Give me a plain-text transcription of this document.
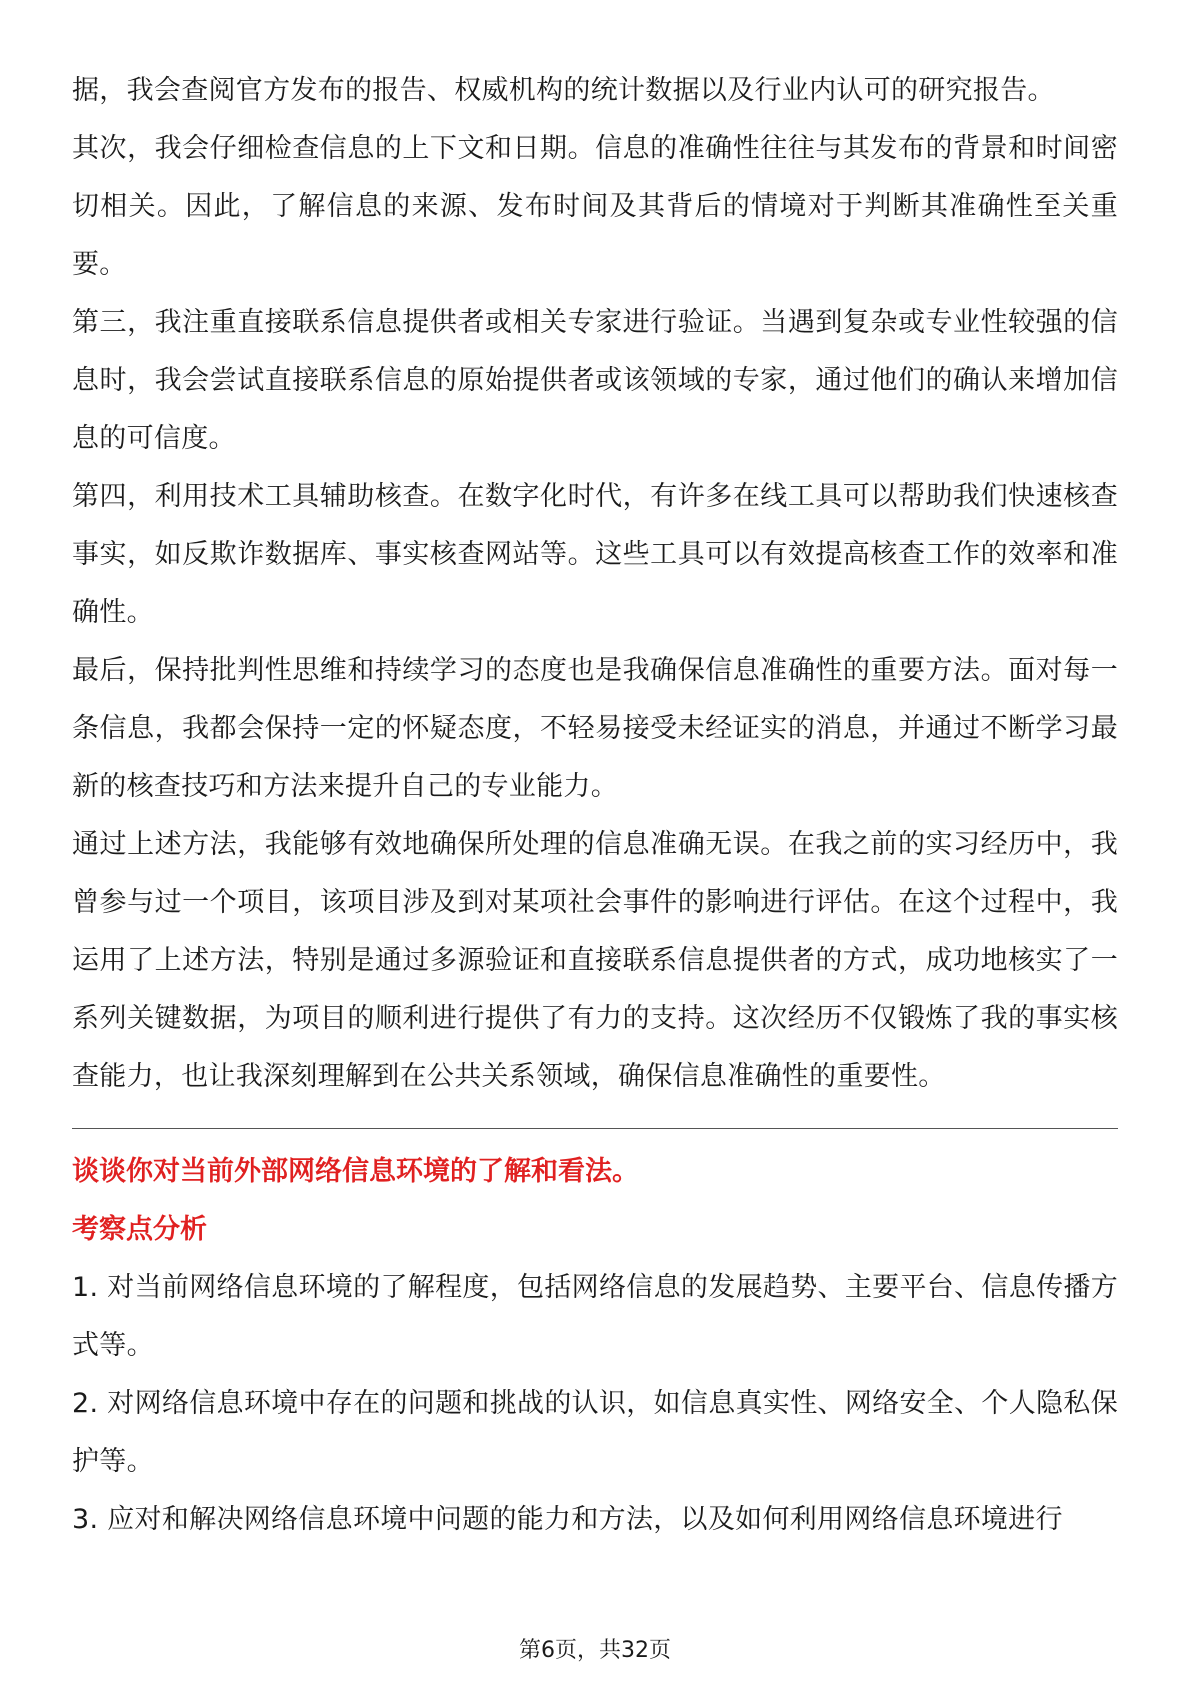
据，我会查阅官方发布的报告、权威机构的统计数据以及行业内认可的研究报告。

其次，我会仔细检查信息的上下文和日期。信息的准确性往往与其发布的背景和时间密切相关。因此，了解信息的来源、发布时间及其背后的情境对于判断其准确性至关重要。

第三，我注重直接联系信息提供者或相关专家进行验证。当遇到复杂或专业性较强的信息时，我会尝试直接联系信息的原始提供者或该领域的专家，通过他们的确认来增加信息的可信度。

第四，利用技术工具辅助核查。在数字化时代，有许多在线工具可以帮助我们快速核查事实，如反欺诈数据库、事实核查网站等。这些工具可以有效提高核查工作的效率和准确性。

最后，保持批判性思维和持续学习的态度也是我确保信息准确性的重要方法。面对每一条信息，我都会保持一定的怀疑态度，不轻易接受未经证实的消息，并通过不断学习最新的核查技巧和方法来提升自己的专业能力。

通过上述方法，我能够有效地确保所处理的信息准确无误。在我之前的实习经历中，我曾参与过一个项目，该项目涉及到对某项社会事件的影响进行评估。在这个过程中，我运用了上述方法，特别是通过多源验证和直接联系信息提供者的方式，成功地核实了一系列关键数据，为项目的顺利进行提供了有力的支持。这次经历不仅锻炼了我的事实核查能力，也让我深刻理解到在公共关系领域，确保信息准确性的重要性。

谈谈你对当前外部网络信息环境的了解和看法。

考察点分析

1. 对当前网络信息环境的了解程度，包括网络信息的发展趋势、主要平台、信息传播方式等。

2. 对网络信息环境中存在的问题和挑战的认识，如信息真实性、网络安全、个人隐私保护等。

3. 应对和解决网络信息环境中问题的能力和方法，以及如何利用网络信息环境进行

第6页，共32页
